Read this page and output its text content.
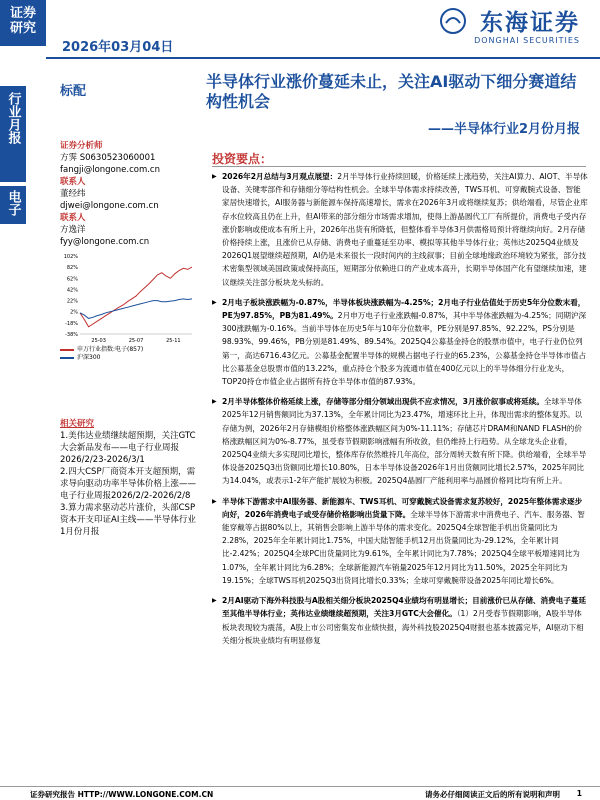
证券
研究
2026年03月04日
东海证券
DONGHAI SECURITIES
行业月报
电子
标配
半导体行业涨价蔓延未止，关注AI驱动下细分赛道结构性机会
——半导体行业2月份月报
证券分析师
方霁 S0630523060001
fangji@longone.com.cn
联系人
董经纬
djwei@longone.com.cn
联系人
方逸洋
fyy@longone.com.cn
102%
82%
62%
42%
22%
2%
-18%
-38%
25-03	25-07	25-11
申万行业指数:电子(857)
沪深300
相关研究
1.美伟达业绩继续超预期，关注GTC大会新品发布——电子行业周报2026/2/23-2026/3/1
2.四大CSP厂商资本开支超预期，需求导向驱动功率半导体价格上涨——电子行业周报2026/2/2-2026/2/8
3.算力需求驱动芯片涨价，头部CSP资本开支印证AI主线——半导体行业1月份月报
投资要点：

▶ 2026年2月总结与3月观点展望：2月半导体行业持续回暖，价格延续上涨趋势，关注AI算力、AIOT、半导体设备、关键零部件和存储细分等结构性机会。全球半导体需求持续改善，TWS耳机、可穿戴腕式设备、智能家居快速增长，AI服务器与新能源车保持高速增长，需求在2026年3月或将继续复苏；供给端看，尽管企业库存水位较高且仍在上升，但AI带来的部分细分市场需求增加，使得上游晶圆代工厂有所提价，消费电子受内存涨价影响或使成本有所上升，2026年出货有所降低，但整体看半导体3月供需格局预计将继续向好。2月存储价格持续上涨，且涨价已从存储、消费电子重蔓延至功率、模拟等其他半导体行业；英伟达2025Q4业绩及2026Q1展望继续超预期，AI仍是未来很长一段时间内的主线叙事；目前全球地缘政治环境较为紧张，部分技术密集型领域美国政策或保持高压，短期部分依赖进口的产业成本高升，长期半导体国产化有望继续加速，建议继续关注部分板块龙头标的。

▶ 2月电子板块涨跌幅为-0.87%，半导体板块涨跌幅为-4.25%；2月电子行业估值处于历史5年分位数末看，PE为97.85%，PB为81.49%。2月申万电子行业涨跌幅-0.87%，其中半导体涨跌幅为-4.25%；同期沪深300涨跌幅为-0.16%。当前半导体在历史5年与10年分位数率，PE分别是97.85%、92.22%，PS分别是98.93%、99.46%，PB分别是81.49%、89.54%。2025Q4公募基金持仓的股票市值中，电子行业仍位列第一，高达6716.43亿元。公募基金配置半导体的规模占据电子行业的65.23%，公募基金持仓半导体市值占比公募基金总股票市值的13.22%，重点持仓个股多为流通市值在400亿元以上的半导体细分行业龙头，TOP20持仓市值企业占据所有持仓半导体市值的87.93%。

▶ 2月半导体整体价格延续上涨，存储等部分细分领域出现供不应求情况，3月涨价叙事或将延续。全球半导体2025年12月销售额同比为37.13%，全年累计同比为23.47%，增速环比上升，体现出需求的整体复苏。以存储为例，2026年2月存储模组价格整体涨跌幅区间为0%-11.11%；存储芯片DRAM和NAND FLASH的价格涨跌幅区间为0%-8.77%，虽受春节假期影响涨幅有所收敛，但仍维持上行趋势。从全球龙头企业看，2025Q4业绩大多实现同比增长，整体库存依然维持几年高位，部分周转天数有所下降。供给端看，全球半导体设备2025Q3出货额同比增长10.80%，日本半导体设备2026年1月出货额同比增长2.57%，2025年同比为14.04%，或表示1-2年产能扩展较为积极。2025Q4晶圆厂产能利用率与晶圆价格同比均有所上升。

▶ 半导体下游需求中AI服务器、新能源车、TWS耳机、可穿戴腕式设备需求复苏较好，2025年整体需求逐步向好，2026年消费电子或受存储价格影响出货量下降。全球半导体下游需求中消费电子、汽车、服务器、智能穿戴等占据80%以上，其销售会影响上游半导体的需求变化。2025Q4全球智能手机出货量同比为2.28%，2025年全年累计同比1.75%，中国大陆智能手机12月出货量同比为-29.12%，全年累计同比-2.42%；2025Q4全球PC出货量同比为9.61%，全年累计同比为7.78%；2025Q4全球平板增速同比为1.07%，全年累计同比为6.28%；全球新能源汽车销量2025年12月同比为11.50%，2025全年同比为19.15%；全球TWS耳机2025Q3出货同比增长0.33%；全球可穿戴腕带设备2025年同比增长6%。

▶ 2月AI驱动下海外科技股与A股相关细分板块2025Q4业绩均有明显增长；目前涨价已从存储、消费电子蔓延至其他半导体行业；英伟达业绩继续超预期，关注3月GTC大会催化。（1）2月受春节假期影响，A股半导体板块表现较为震荡，A股上市公司密集发布业绩快报，海外科技股2025Q4财报也基本披露完毕，AI驱动下相关细分板块业绩均有明显修复

证券研究报告 HTTP://WWW.LONGONE.COM.CN	请务必仔细阅读正文后的所有说明和声明 1
